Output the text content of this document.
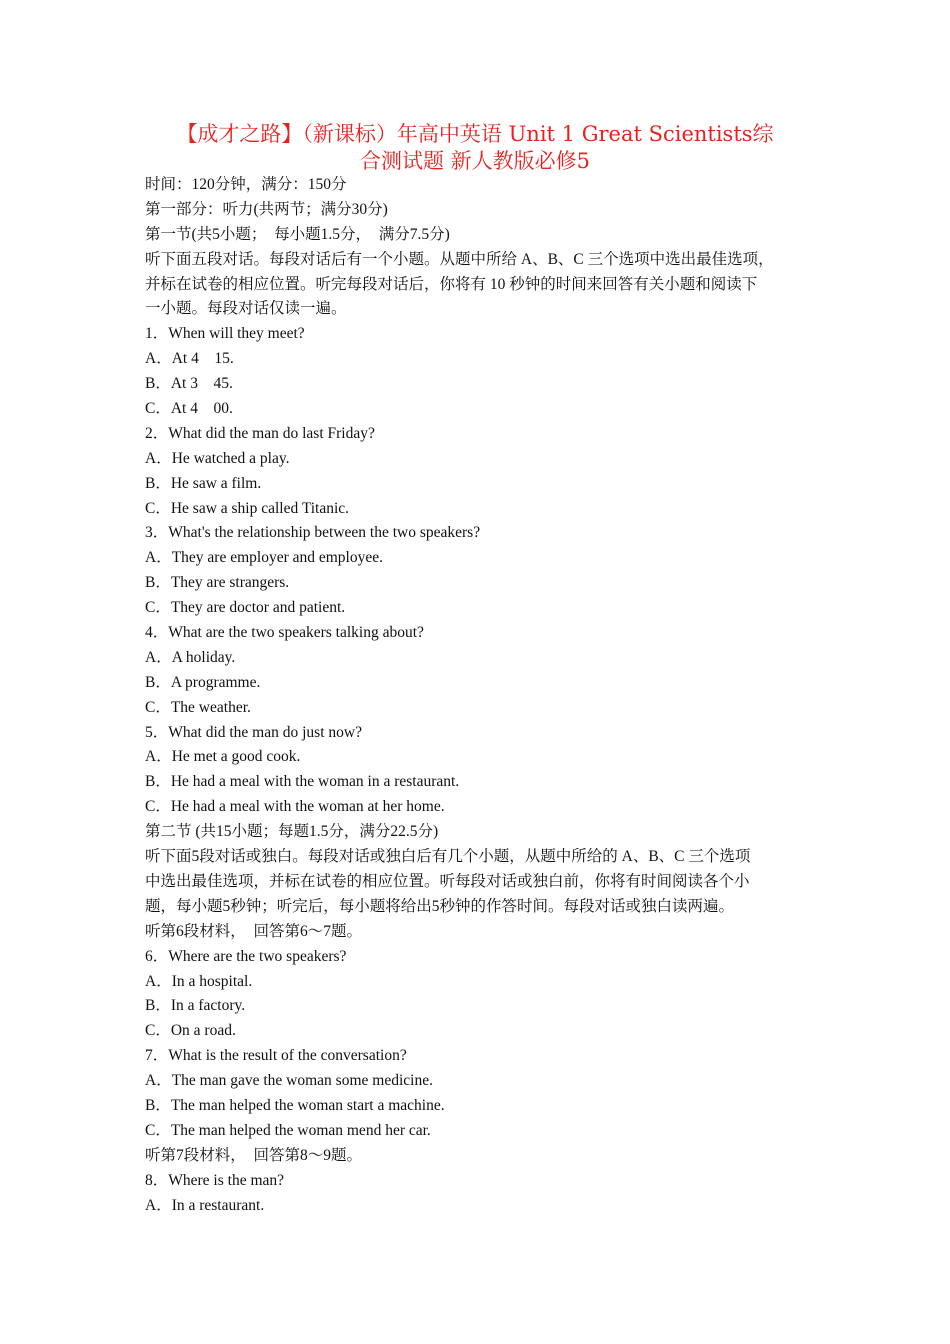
【成才之路】（新课标）年高中英语 Unit 1 Great Scientists综
合测试题 新人教版必修5
时间：120分钟，满分：150分
第一部分：听力(共两节；满分30分)
第一节(共5小题；  每小题1.5分，  满分7.5分)
听下面五段对话。每段对话后有一个小题。从题中所给 A、B、C 三个选项中选出最佳选项，
并标在试卷的相应位置。听完每段对话后，你将有 10 秒钟的时间来回答有关小题和阅读下
一小题。每段对话仅读一遍。
1．When will they meet?
A．At 4　15.
B．At 3　45.
C．At 4　00.
2．What did the man do last Friday?
A．He watched a play.
B．He saw a film.
C．He saw a ship called Titanic.
3．What's the relationship between the two speakers?
A．They are employer and employee.
B．They are strangers.
C．They are doctor and patient.
4．What are the two speakers talking about?
A．A holiday.
B．A programme.
C．The weather.
5．What did the man do just now?
A．He met a good cook.
B．He had a meal with the woman in a restaurant.
C．He had a meal with the woman at her home.
第二节 (共15小题；每题1.5分，满分22.5分)
听下面5段对话或独白。每段对话或独白后有几个小题，从题中所给的 A、B、C 三个选项
中选出最佳选项，并标在试卷的相应位置。听每段对话或独白前，你将有时间阅读各个小
题，每小题5秒钟；听完后，每小题将给出5秒钟的作答时间。每段对话或独白读两遍。
听第6段材料，  回答第6～7题。
6．Where are the two speakers?
A．In a hospital.
B．In a factory.
C．On a road.
7．What is the result of the conversation?
A．The man gave the woman some medicine.
B．The man helped the woman start a machine.
C．The man helped the woman mend her car.
听第7段材料，  回答第8～9题。
8．Where is the man?
A．In a restaurant.
